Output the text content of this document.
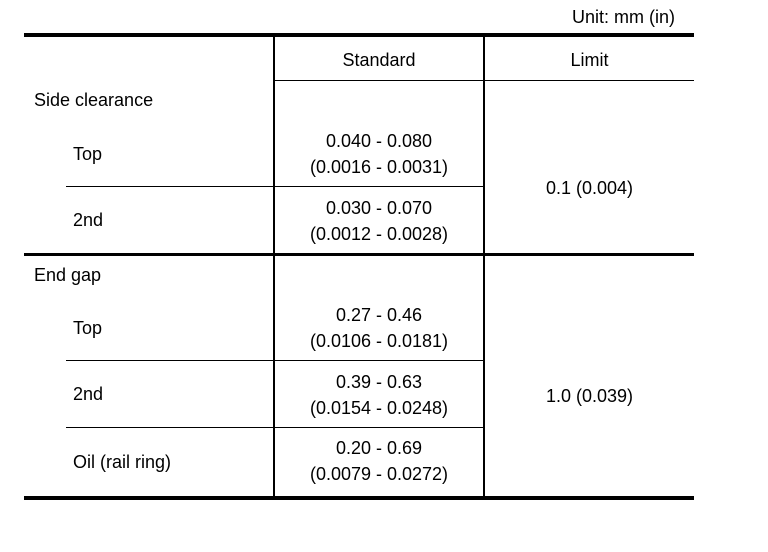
Unit: mm (in)
Standard	Limit
Side clearance
Top
0.040 - 0.080
(0.0016 - 0.0031)
2nd
0.030 - 0.070
(0.0012 - 0.0028)
0.1 (0.004)
End gap
Top
0.27 - 0.46
(0.0106 - 0.0181)
2nd
0.39 - 0.63
(0.0154 - 0.0248)
Oil (rail ring)
0.20 - 0.69
(0.0079 - 0.0272)
1.0 (0.039)
